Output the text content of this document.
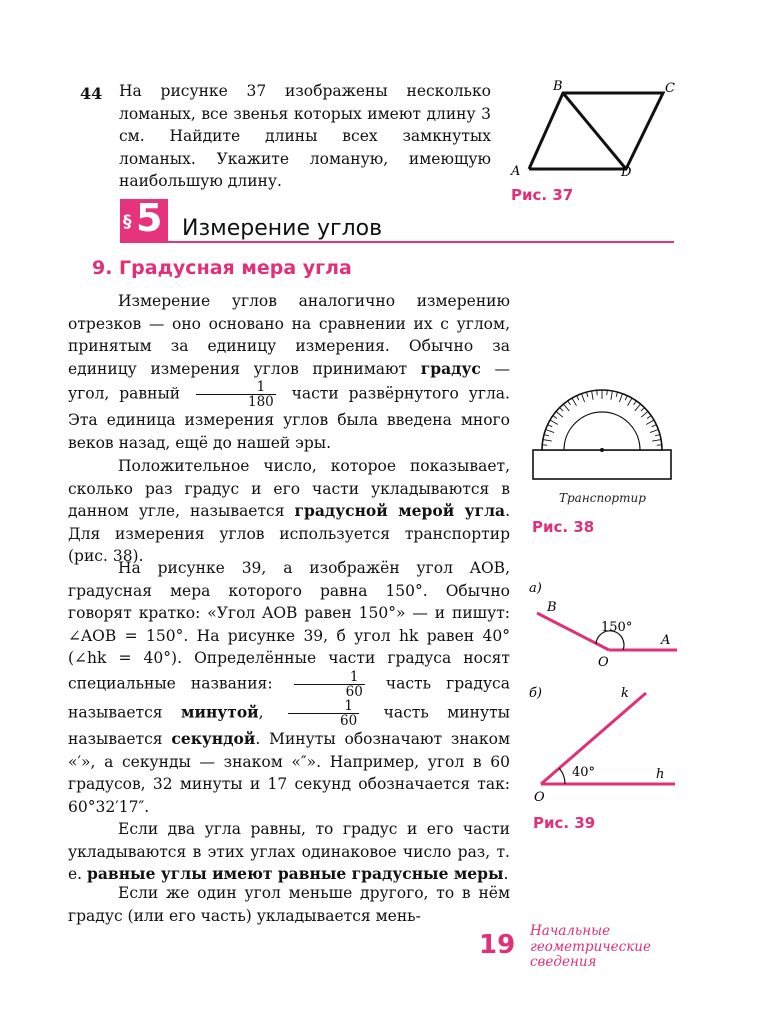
44 На рисунке 37 изображены несколько ломаных, все звенья которых имеют длину 3 см. Найдите длины всех замкнутых ломаных. Укажите ломаную, имеющую наибольшую длину.
A
B	C
D
Рис. 37
§ 5 Измерение углов
9. Градусная мера угла
Измерение углов аналогично измерению отрезков — оно основано на сравнении их с углом, принятым за единицу измерения. Обычно за единицу измерения углов принимают градус — угол, равный $\frac{1}{180}$ части развёрнутого угла. Эта единица измерения углов была введена много веков назад, ещё до нашей эры.
Положительное число, которое показывает, сколько раз градус и его части укладываются в данном угле, называется градусной мерой угла. Для измерения углов используется транспортир (рис. 38).
На рисунке 39, а изображён угол AOB, градусная мера которого равна 150°. Обычно говорят кратко: «Угол AOB равен 150°» — и пишут: ∠AOB = 150°. На рисунке 39, б угол hk равен 40° (∠hk = 40°). Определённые части градуса носят специальные названия: $\frac{1}{60}$ часть градуса называется минутой, $\frac{1}{60}$ часть минуты называется секундой. Минуты обозначают знаком «′», а секунды — знаком «″». Например, угол в 60 градусов, 32 минуты и 17 секунд обозначается так: 60°32′17″.
Если два угла равны, то градус и его части укладываются в этих углах одинаковое число раз, т. е. равные углы имеют равные градусные меры.
Если же один угол меньше другого, то в нём градус (или его часть) укладывается мень-
Транспортир
Рис. 38
а)
150°
B
A
O
б)
40°
k
h
O
Рис. 39
19 Начальные
геометрические
сведения
